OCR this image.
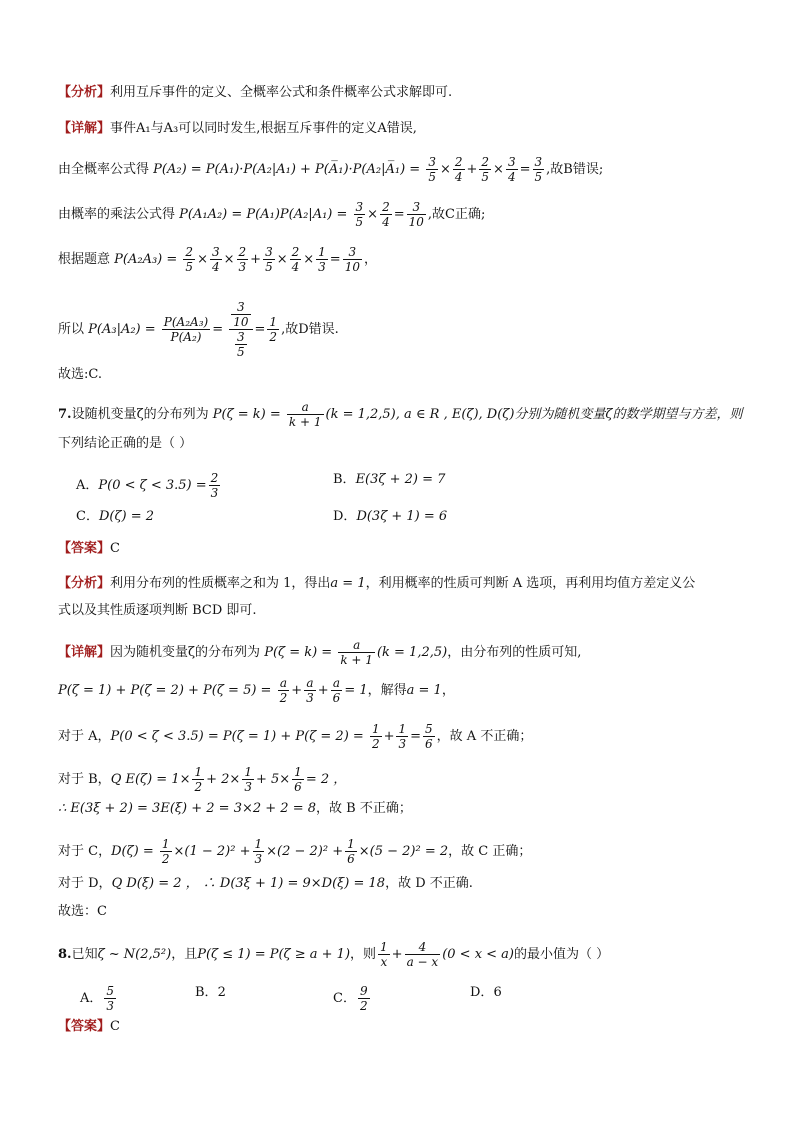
【分析】利用互斥事件的定义、全概率公式和条件概率公式求解即可.
【详解】事件A₁与A₃可以同时发生,根据互斥事件的定义A错误,
由全概率公式得 P(A₂) = P(A₁)·P(A₂|A₁) + P(A̅₁)·P(A₂|A̅₁) = $\frac{3}{5} \times \frac{2}{4} + \frac{2}{5} \times \frac{3}{4} = \frac{3}{5}$ ,故B错误;
由概率的乘法公式得 $P(A_1A_2) = P(A_1)P(A_2|A_1) = \frac{3}{5} \times \frac{2}{4} = \frac{3}{10}$ ,故C正确;
根据题意 $P(A_2A_3) = \frac{2}{5} \times \frac{3}{4} \times \frac{2}{3} + \frac{3}{5} \times \frac{2}{4} \times \frac{1}{3} = \frac{3}{10}$ ，
所以 $P(A_3|A_2) = \frac{\text{P(A₂A₃)}}{\text{P(A₂)}} = \frac{\frac{3}{10}}{\frac{3}{5}} = \frac{1}{2}$ ,故D错误.
故选:C.
7.设随机变量ζ的分布列为 $P(\zeta = k) = \frac{a}{k + 1} (k = 1,2,5)$, a ∈ R , E(ζ), D(ζ)分别为随机变量ζ的数学期望与方差，则
下列结论正确的是（ ）
A．$P(0 < \zeta < 3.5) = \frac{2}{3}$	B．E(3ζ + 2) = 7
C．D(ζ) = 2	D．D(3ζ + 1) = 6
【答案】C
【分析】利用分布列的性质概率之和为 1，得出a = 1，利用概率的性质可判断 A 选项，再利用均值方差定义公
式以及其性质逐项判断 BCD 即可.
【详解】因为随机变量ζ的分布列为 $P(\zeta = k) = \frac{a}{k + 1} (k = 1,2,5)$，由分布列的性质可知,
$P(\zeta = 1) + P(\zeta = 2) + P(\zeta = 5) = \frac{a}{2} + \frac{a}{3} + \frac{a}{6} = 1$，解得a = 1，
对于 A，$P(0 < \zeta < 3.5) = P(\zeta = 1) + P(\zeta = 2) = \frac{1}{2} + \frac{1}{3} = \frac{5}{6}$ ，故 A 不正确；
对于 B，Q $E(\zeta) = 1\times \frac{1}{2} + 2\times \frac{1}{3} + 5\times \frac{1}{6} = 2$ ，
∴ E(3ξ + 2) = 3E(ξ) + 2 = 3×2 + 2 = 8，故 B 不正确；
对于 C，$D(\zeta) = \frac{1}{2} \times(1 - 2)^2 + \frac{1}{3} \times(2 - 2)^2 + \frac{1}{6} \times(5 - 2)^2 = 2$，故 C 正确；
对于 D，Q D(ξ) = 2 ， ∴ D(3ξ + 1) = 9×D(ξ) = 18，故 D 不正确.
故选：C
8.已知ζ ~ N(2,5²)，且P(ζ ≤ 1) = P(ζ ≥ a + 1)，则 $\frac{1}{x} + \frac{4}{a - x} (0 < x < a)$的最小值为（ ）
A． $\frac{5}{3}$	B．2	C． $\frac{9}{2}$	D．6
【答案】C
